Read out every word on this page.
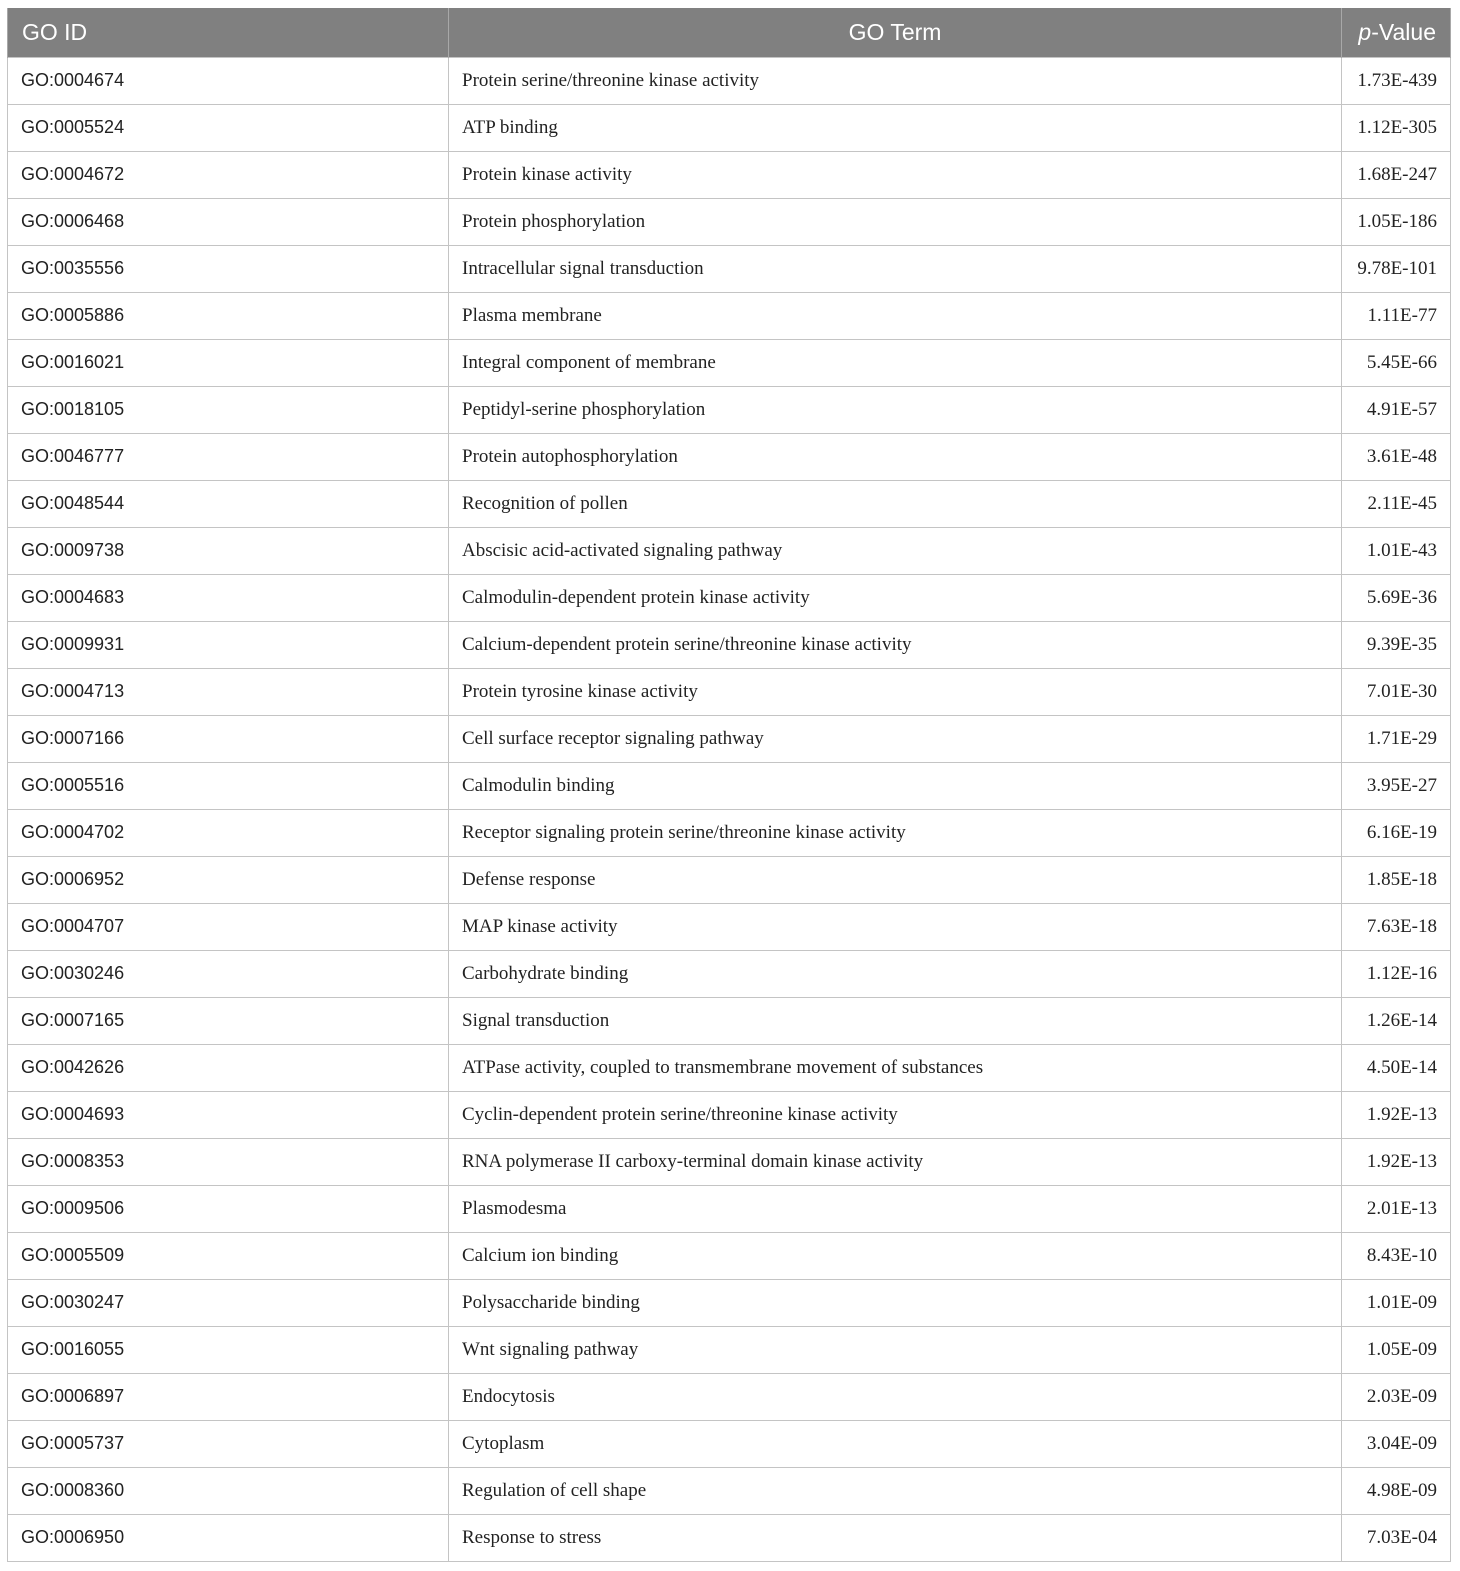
GO ID	GO Term	p-Value
GO:0004674	Protein serine/threonine kinase activity	1.73E-439
GO:0005524	ATP binding	1.12E-305
GO:0004672	Protein kinase activity	1.68E-247
GO:0006468	Protein phosphorylation	1.05E-186
GO:0035556	Intracellular signal transduction	9.78E-101
GO:0005886	Plasma membrane	1.11E-77
GO:0016021	Integral component of membrane	5.45E-66
GO:0018105	Peptidyl-serine phosphorylation	4.91E-57
GO:0046777	Protein autophosphorylation	3.61E-48
GO:0048544	Recognition of pollen	2.11E-45
GO:0009738	Abscisic acid-activated signaling pathway	1.01E-43
GO:0004683	Calmodulin-dependent protein kinase activity	5.69E-36
GO:0009931	Calcium-dependent protein serine/threonine kinase activity	9.39E-35
GO:0004713	Protein tyrosine kinase activity	7.01E-30
GO:0007166	Cell surface receptor signaling pathway	1.71E-29
GO:0005516	Calmodulin binding	3.95E-27
GO:0004702	Receptor signaling protein serine/threonine kinase activity	6.16E-19
GO:0006952	Defense response	1.85E-18
GO:0004707	MAP kinase activity	7.63E-18
GO:0030246	Carbohydrate binding	1.12E-16
GO:0007165	Signal transduction	1.26E-14
GO:0042626	ATPase activity, coupled to transmembrane movement of substances	4.50E-14
GO:0004693	Cyclin-dependent protein serine/threonine kinase activity	1.92E-13
GO:0008353	RNA polymerase II carboxy-terminal domain kinase activity	1.92E-13
GO:0009506	Plasmodesma	2.01E-13
GO:0005509	Calcium ion binding	8.43E-10
GO:0030247	Polysaccharide binding	1.01E-09
GO:0016055	Wnt signaling pathway	1.05E-09
GO:0006897	Endocytosis	2.03E-09
GO:0005737	Cytoplasm	3.04E-09
GO:0008360	Regulation of cell shape	4.98E-09
GO:0006950	Response to stress	7.03E-04
